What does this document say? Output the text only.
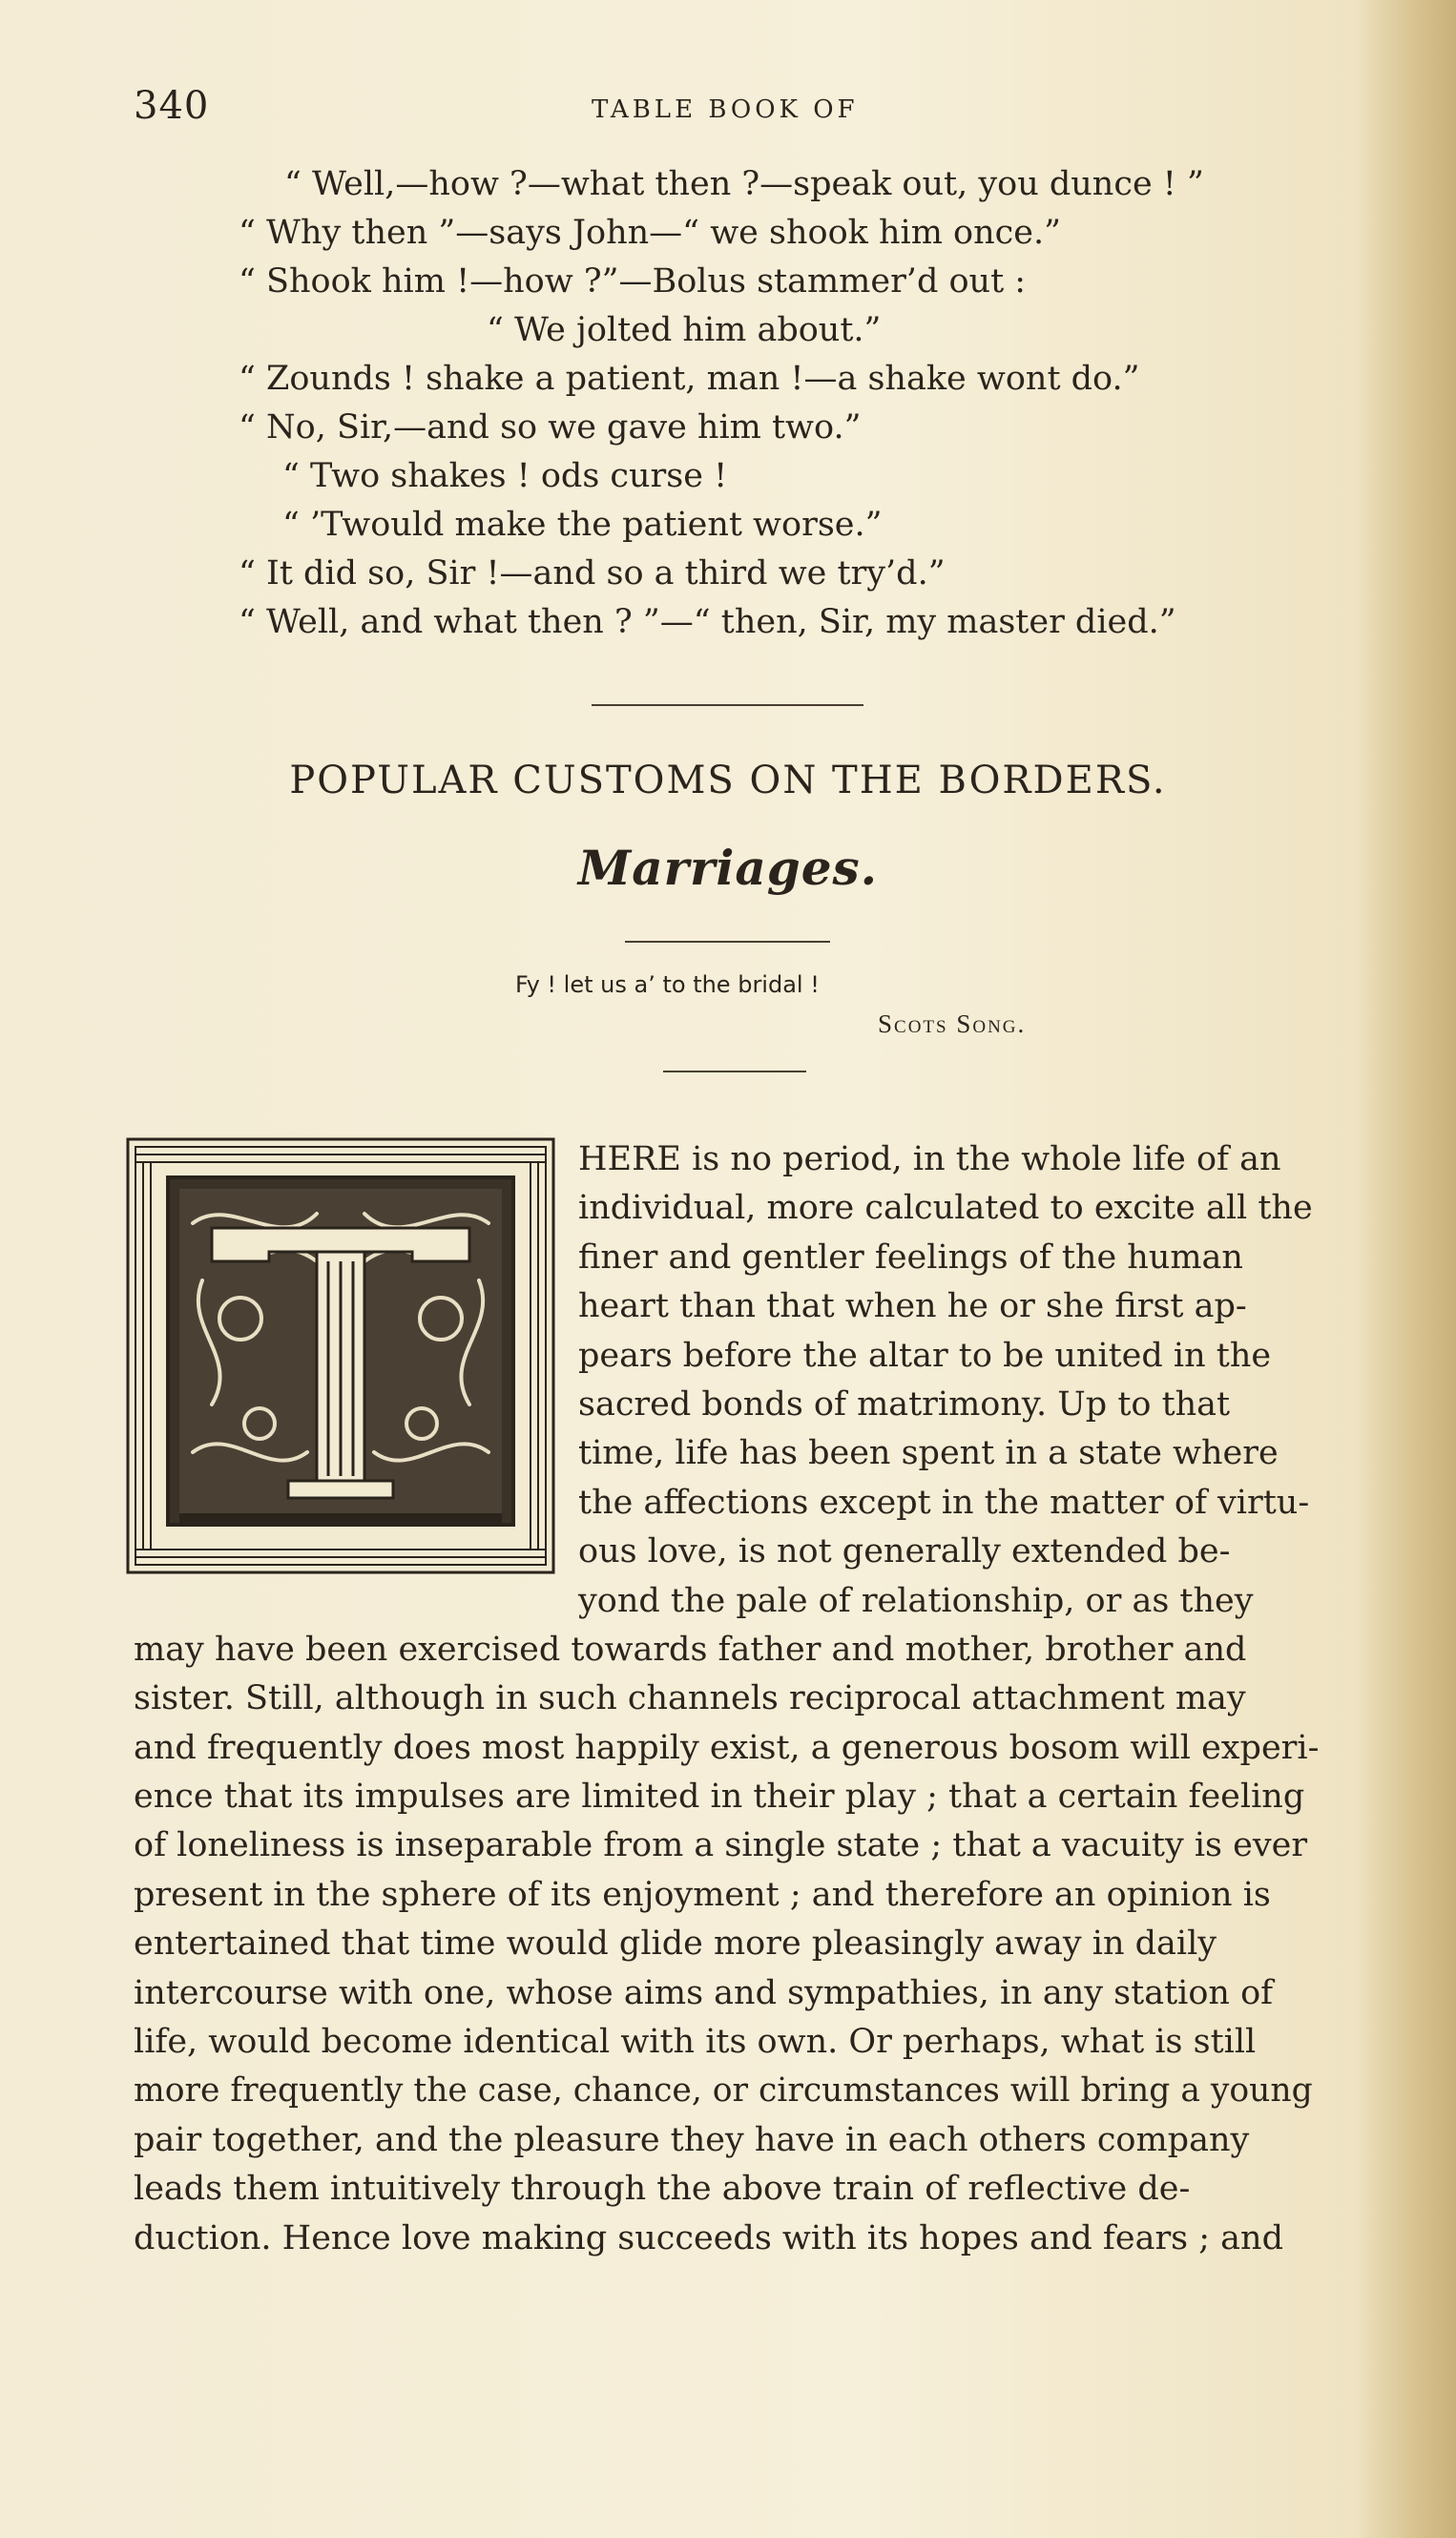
340	TABLE BOOK OF
“ Well,—how ?—what then ?—speak out, you dunce ! ”
“ Why then ”—says John—“ we shook him once.”
“ Shook him !—how ?”—Bolus stammer’d out :
“ We jolted him about.”
“ Zounds ! shake a patient, man !—a shake wont do.”
“ No, Sir,—and so we gave him two.”
“ Two shakes ! ods curse !
“ ’Twould make the patient worse.”
“ It did so, Sir !—and so a third we try’d.”
“ Well, and what then ? ”—“ then, Sir, my master died.”
POPULAR CUSTOMS ON THE BORDERS.
Marriages.
Fy ! let us a’ to the bridal !
Scots Song.
HERE is no period, in the whole life of an
individual, more calculated to excite all the
finer and gentler feelings of the human
heart than that when he or she first ap-
pears before the altar to be united in the
sacred bonds of matrimony. Up to that
time, life has been spent in a state where
the affections except in the matter of virtu-
ous love, is not generally extended be-
yond the pale of relationship, or as they
may have been exercised towards father and mother, brother and
sister. Still, although in such channels reciprocal attachment may
and frequently does most happily exist, a generous bosom will experi-
ence that its impulses are limited in their play ; that a certain feeling
of loneliness is inseparable from a single state ; that a vacuity is ever
present in the sphere of its enjoyment ; and therefore an opinion is
entertained that time would glide more pleasingly away in daily
intercourse with one, whose aims and sympathies, in any station of
life, would become identical with its own. Or perhaps, what is still
more frequently the case, chance, or circumstances will bring a young
pair together, and the pleasure they have in each others company
leads them intuitively through the above train of reflective de-
duction. Hence love making succeeds with its hopes and fears ; and
